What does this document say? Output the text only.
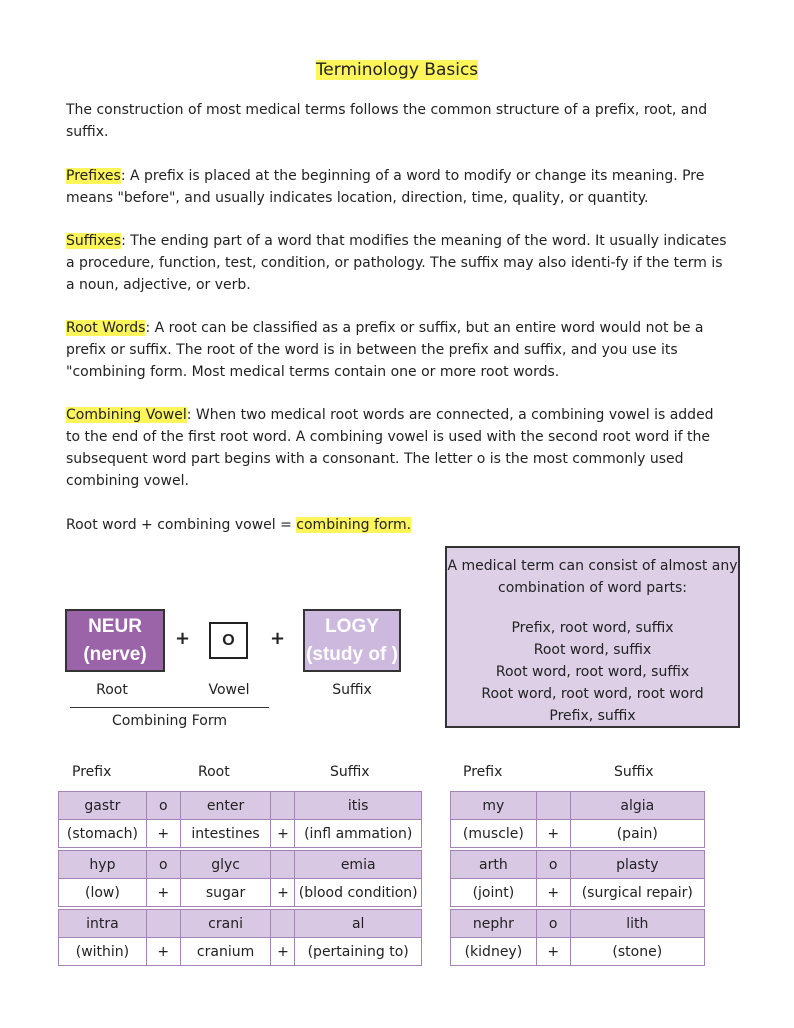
Terminology Basics
The construction of most medical terms follows the common structure of a prefix, root, and suffix.
Prefixes: A prefix is placed at the beginning of a word to modify or change its meaning. Pre means "before", and usually indicates location, direction, time, quality, or quantity.
Suffixes: The ending part of a word that modifies the meaning of the word. It usually indicates a procedure, function, test, condition, or pathology. The suffix may also identi-fy if the term is a noun, adjective, or verb.
Root Words: A root can be classified as a prefix or suffix, but an entire word would not be a prefix or suffix. The root of the word is in between the prefix and suffix, and you use its "combining form. Most medical terms contain one or more root words.
Combining Vowel: When two medical root words are connected, a combining vowel is added to the end of the first root word. A combining vowel is used with the second root word if the subsequent word part begins with a consonant. The letter o is the most commonly used combining vowel.
Root word + combining vowel = combining form.
NEUR
(nerve)
+ O +
LOGY
(study of )
Root	Vowel	Suffix
Combining Form
A medical term can consist of almost any combination of word parts:
Prefix, root word, suffix
Root word, suffix
Root word, root word, suffix
Root word, root word, root word
Prefix, suffix
Prefix	Root	Suffix
gastr	o	enter		itis
(stomach)	+	intestines	+	(infl ammation)

hyp	o	glyc		emia
(low)	+	sugar	+	(blood condition)

intra		crani		al
(within)	+	cranium	+	(pertaining to)
Prefix	Suffix
my		algia
(muscle)	+	(pain)

arth	o	plasty
(joint)	+	(surgical repair)

nephr	o	lith
(kidney)	+	(stone)
